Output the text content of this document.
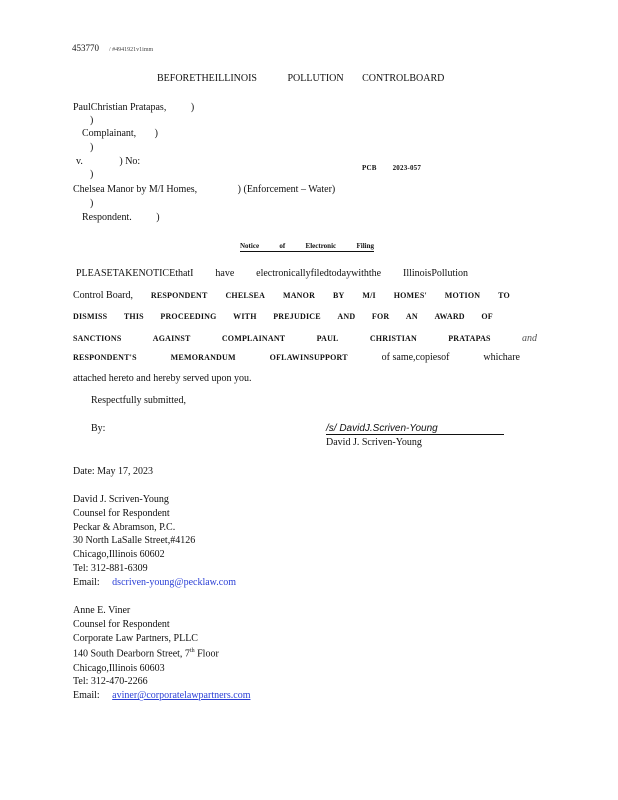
453770 / #4941921v1imm
BEFORETHEILLINOIS	POLLUTION CONTROLBOARD
PaulChristian Pratapas, )
)
Complainant, )
)
v.	) No:
PCB 2023-057
)
Chelsea Manor by M/I Homes,	) (Enforcement – Water)
)
Respondent. )
Notice	of	Electronic	Filing
PLEASETAKENOTICEthatI have electronicallyfiledtodaywiththe IllinoisPollution
Control Board, RESPONDENT CHELSEA MANOR BY M/I HOMES' MOTION TO
DISMISS THIS PROCEEDING WITH PREJUDICE AND FOR AN AWARD OF
SANCTIONS	AGAINST	COMPLAINANT	PAUL	CHRISTIAN	PRATAPAS	and
RESPONDENT'S	MEMORANDUM	OFLAWINSUPPORT	of same,copiesof	whichare
attached hereto and hereby served upon you.
Respectfully submitted,
By:	/s/ DavidJ.Scriven-Young
David J. Scriven-Young
Date: May 17, 2023
David J. Scriven-Young
Counsel for Respondent
Peckar & Abramson, P.C.
30 North LaSalle Street,#4126
Chicago,Illinois 60602
Tel: 312-881-6309
Email: dscriven-young@pecklaw.com
Anne E. Viner
Counsel for Respondent
Corporate Law Partners, PLLC
140 South Dearborn Street, 7th Floor
Chicago,Illinois 60603
Tel: 312-470-2266
Email: aviner@corporatelawpartners.com
